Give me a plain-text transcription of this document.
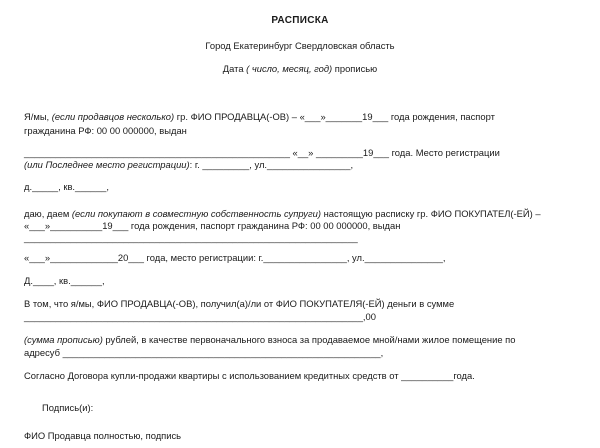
РАСПИСКА
Город Екатеринбург Свердловская область
Дата ( число, месяц, год) прописью
Я/мы, (если продавцов несколько) гр. ФИО ПРОДАВЦА(-ОВ) – «___»_______19___ года рождения, паспорт
гражданина РФ: 00 00 000000, выдан
___________________________________________________ «__» _________19___ года. Место регистрации
(или Последнее место регистрации): г. _________, ул.________________,
д._____, кв.______,
даю, даем (если покупают в совместную собственность супруги) настоящую расписку гр. ФИО ПОКУПАТЕЛ(-ЕЙ) –
«___»__________19___ года рождения, паспорт гражданина РФ: 00 00 000000, выдан
________________________________________________________________
«___»_____________20___ года, место регистрации: г.________________, ул._______________,
Д.____, кв.______,
В том, что я/мы, ФИО ПРОДАВЦА(-ОВ), получил(а)/ли от ФИО ПОКУПАТЕЛЯ(-ЕЙ) деньги в сумме
_________________________________________________________________,00
(сумма прописью) рублей, в качестве первоначального взноса за продаваемое мной/нами жилое помещение по
адресуб _____________________________________________________________,
Согласно Договора купли-продажи квартиры с использованием кредитных средств от __________года.
Подпись(и):
ФИО Продавца полностью, подпись
